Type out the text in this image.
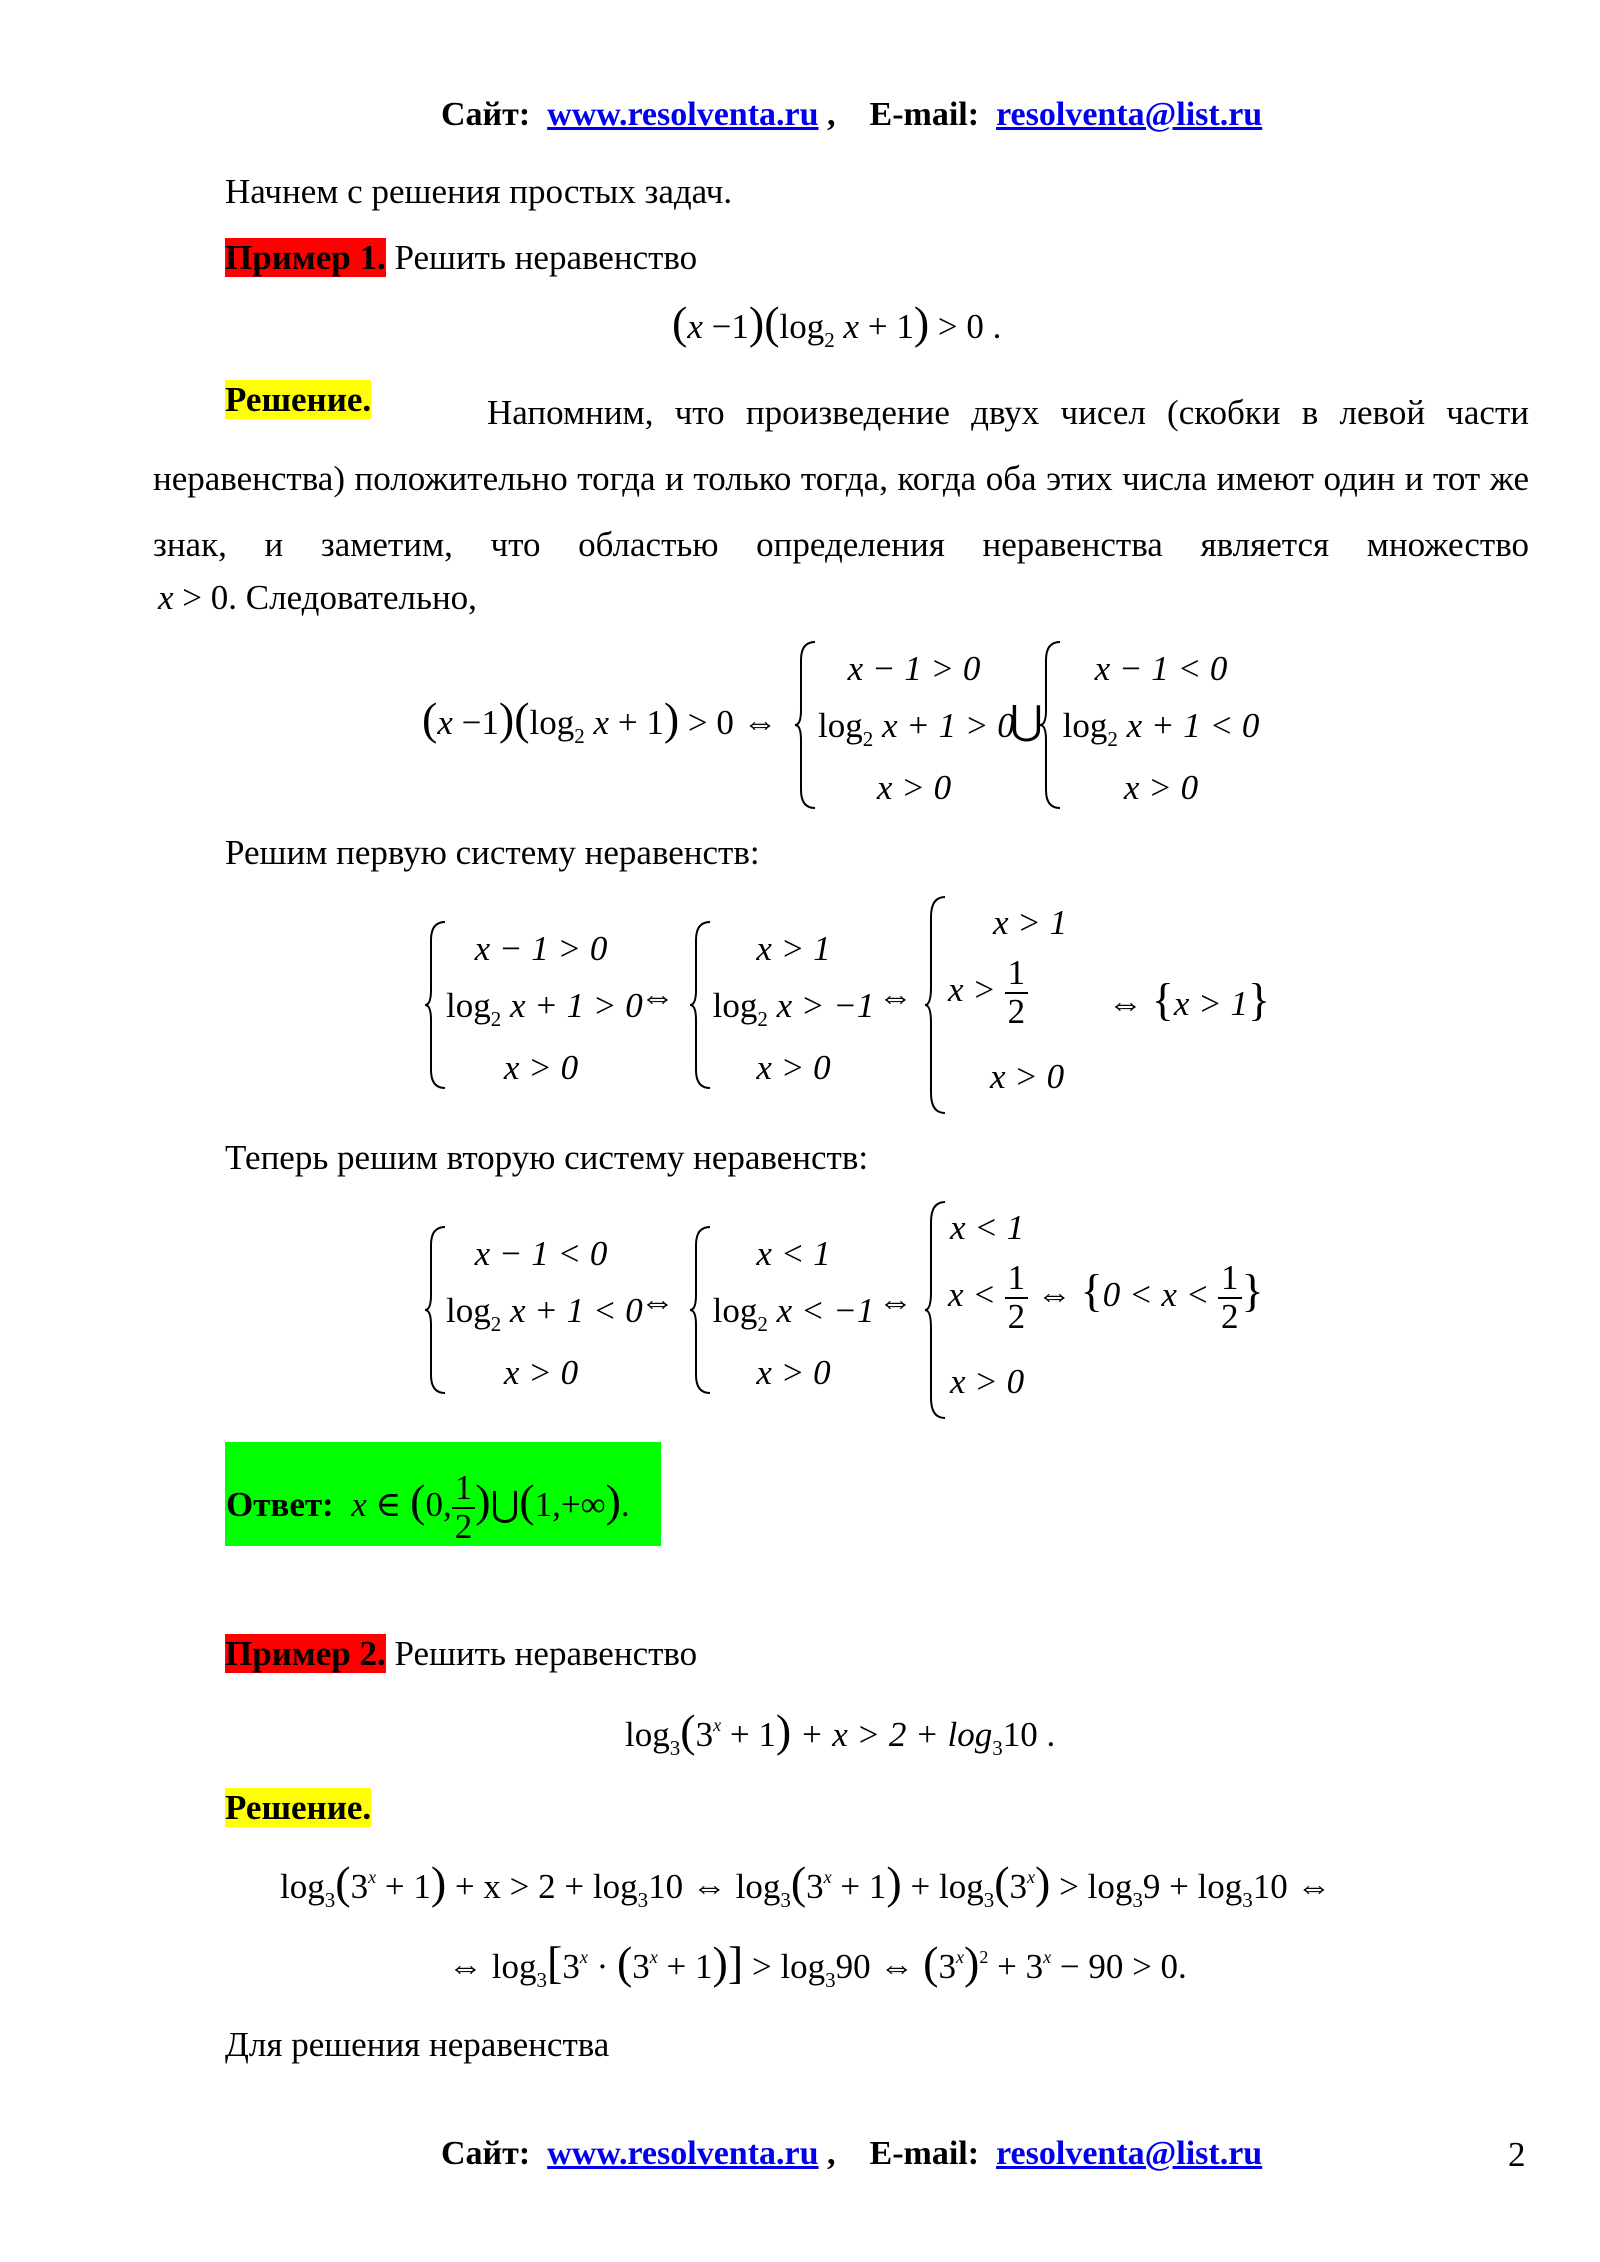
Сайт: www.resolventa.ru , E-mail: resolventa@list.ru
Начнем с решения простых задач.
Пример 1. Решить неравенство
$(x -1)(\log_2$ x + 1) > 0 .
Решение.	Напомним, что произведение двух чисел (скобки в левой части неравенства) положительно тогда и только тогда, когда оба этих числа имеют один и тот же знак, и заметим, что областью определения неравенства является множество
x > 0. Следовательно,
$(x -1)(\log_2$ x + 1) > 0 ⇔
x − 1 > 0
$\log_2 x + 1 > 0$
x > 0
⋃
x − 1 < 0
$\log_2 x + 1 < 0$
x > 0
Решим первую систему неравенств:
x − 1 > 0
$\log_2 x + 1 > 0$
x > 0
⇔
x > 1
$\log_2 x > -1$
x > 0
⇔
x > 1
$x > \frac{1}{2}$
x > 0
⇔ {x > 1}
Теперь решим вторую систему неравенств:
x − 1 < 0
$\log_2 x + 1 < 0$
x > 0
⇔
x < 1
$\log_2 x < -1$
x > 0
⇔
x < 1
$x < \frac{1}{2}$ ⇔ {$0 < x < \frac{1}{2}$ }
x > 0
Ответ: x ∈ (0, $\frac{1}{2}$ )⋃(1,+∞).
Пример 2. Решить неравенство
$\log_3(3^x + 1) + x > 2 + \log_310$ .
Решение.
$\log_3(3^x + 1) + x > 2 + \log_310$ ⇔ $\log_3(3^x + 1) + \log_3(3^x) > \log_39 + \log_310$ ⇔
⇔ $\log_3[3^x \cdot (3^x + 1)] > \log_390$ ⇔ $(3^x)^2 + 3^x - 90 > 0$.
Для решения неравенства
Сайт: www.resolventa.ru , E-mail: resolventa@list.ru	2
